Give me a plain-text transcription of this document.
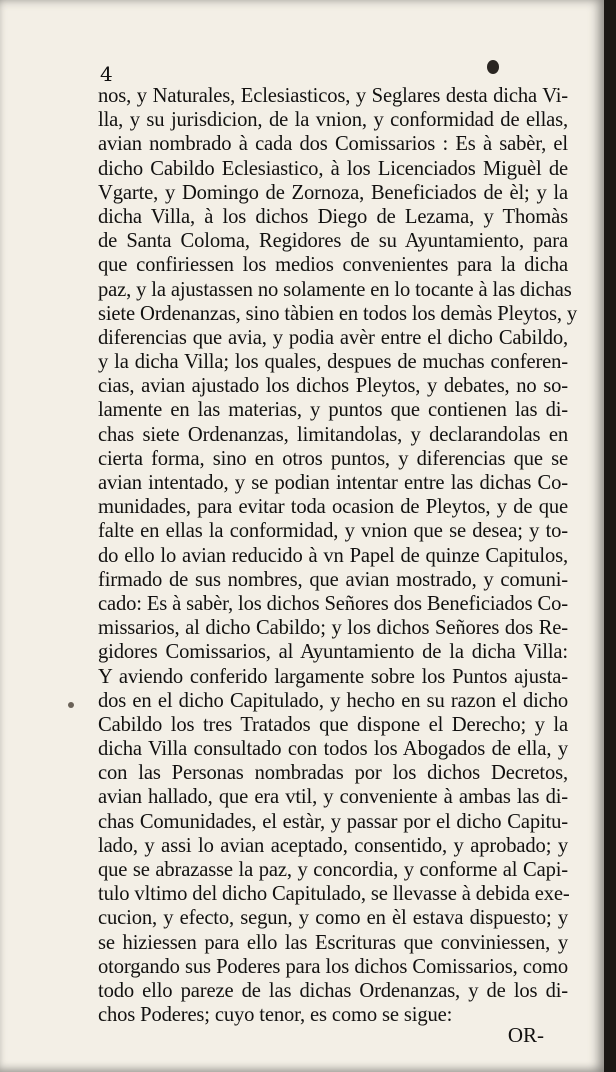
4
nos, y Naturales, Eclesiasticos, y Seglares desta dicha Vi-
lla, y su jurisdicion, de la vnion, y conformidad de ellas,
avian nombrado à cada dos Comissarios : Es à sabèr, el
dicho Cabildo Eclesiastico, à los Licenciados Miguèl de
Vgarte, y Domingo de Zornoza, Beneficiados de èl; y la
dicha Villa, à los dichos Diego de Lezama, y Thomàs
de Santa Coloma, Regidores de su Ayuntamiento, para
que confiriessen los medios convenientes para la dicha
paz, y la ajustassen no solamente en lo tocante à las dichas
siete Ordenanzas, sino tàbien en todos los demàs Pleytos, y
diferencias que avia, y podia avèr entre el dicho Cabildo,
y la dicha Villa; los quales, despues de muchas conferen-
cias, avian ajustado los dichos Pleytos, y debates, no so-
lamente en las materias, y puntos que contienen las di-
chas siete Ordenanzas, limitandolas, y declarandolas en
cierta forma, sino en otros puntos, y diferencias que se
avian intentado, y se podian intentar entre las dichas Co-
munidades, para evitar toda ocasion de Pleytos, y de que
falte en ellas la conformidad, y vnion que se desea; y to-
do ello lo avian reducido à vn Papel de quinze Capitulos,
firmado de sus nombres, que avian mostrado, y comuni-
cado: Es à sabèr, los dichos Señores dos Beneficiados Co-
missarios, al dicho Cabildo; y los dichos Señores dos Re-
gidores Comissarios, al Ayuntamiento de la dicha Villa:
Y aviendo conferido largamente sobre los Puntos ajusta-
dos en el dicho Capitulado, y hecho en su razon el dicho
Cabildo los tres Tratados que dispone el Derecho; y la
dicha Villa consultado con todos los Abogados de ella, y
con las Personas nombradas por los dichos Decretos,
avian hallado, que era vtil, y conveniente à ambas las di-
chas Comunidades, el estàr, y passar por el dicho Capitu-
lado, y assi lo avian aceptado, consentido, y aprobado; y
que se abrazasse la paz, y concordia, y conforme al Capi-
tulo vltimo del dicho Capitulado, se llevasse à debida exe-
cucion, y efecto, segun, y como en èl estava dispuesto; y
se hiziessen para ello las Escrituras que conviniessen, y
otorgando sus Poderes para los dichos Comissarios, como
todo ello pareze de las dichas Ordenanzas, y de los di-
chos Poderes; cuyo tenor, es como se sigue:
OR-
